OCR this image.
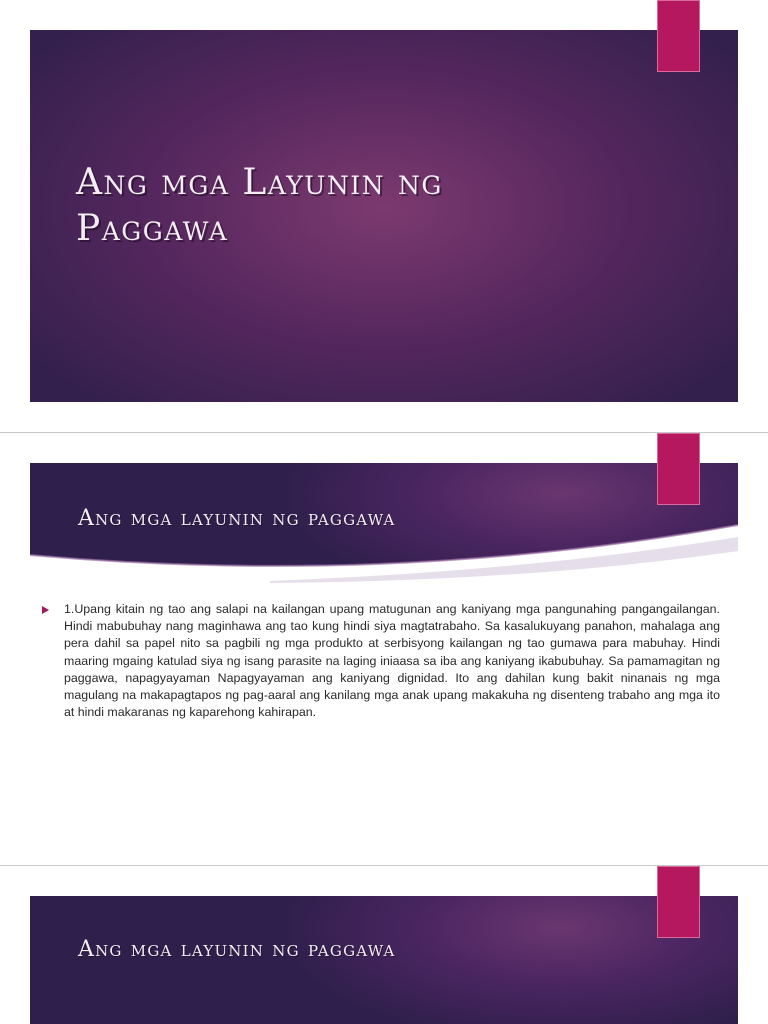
Ang mga Layunin ng
Paggawa
Ang mga layunin ng paggawa

1.Upang kitain ng tao ang salapi na kailangan upang matugunan ang kaniyang mga pangunahing pangangailangan. Hindi mabubuhay nang maginhawa ang tao kung hindi siya magtatrabaho. Sa kasalukuyang panahon, mahalaga ang pera dahil sa papel nito sa pagbili ng mga produkto at serbisyong kailangan ng tao gumawa para mabuhay. Hindi maaring mgaing katulad siya ng isang parasite na laging iniaasa sa iba ang kaniyang ikabubuhay. Sa pamamagitan ng paggawa, napagyayaman Napagyayaman ang kaniyang dignidad. Ito ang dahilan kung bakit ninanais ng mga magulang na makapagtapos ng pag-aaral ang kanilang mga anak upang makakuha ng disenteng trabaho ang mga ito at hindi makaranas ng kaparehong kahirapan.

Ang mga layunin ng paggawa
